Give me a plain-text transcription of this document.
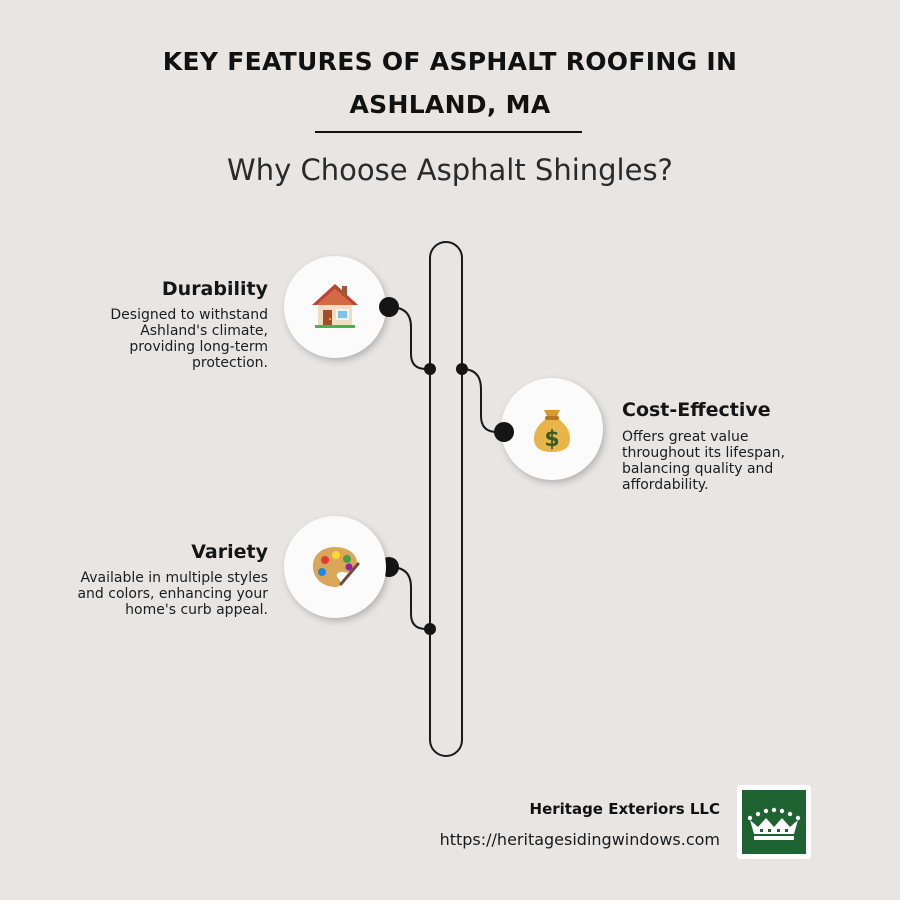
KEY FEATURES OF ASPHALT ROOFING IN
ASHLAND, MA
Why Choose Asphalt Shingles?
Durability
Designed to withstand
Ashland's climate,
providing long-term
protection.
$
Cost-Effective
Offers great value
throughout its lifespan,
balancing quality and
affordability.
Variety
Available in multiple styles
and colors, enhancing your
home's curb appeal.
Heritage Exteriors LLC
https://heritagesidingwindows.com
